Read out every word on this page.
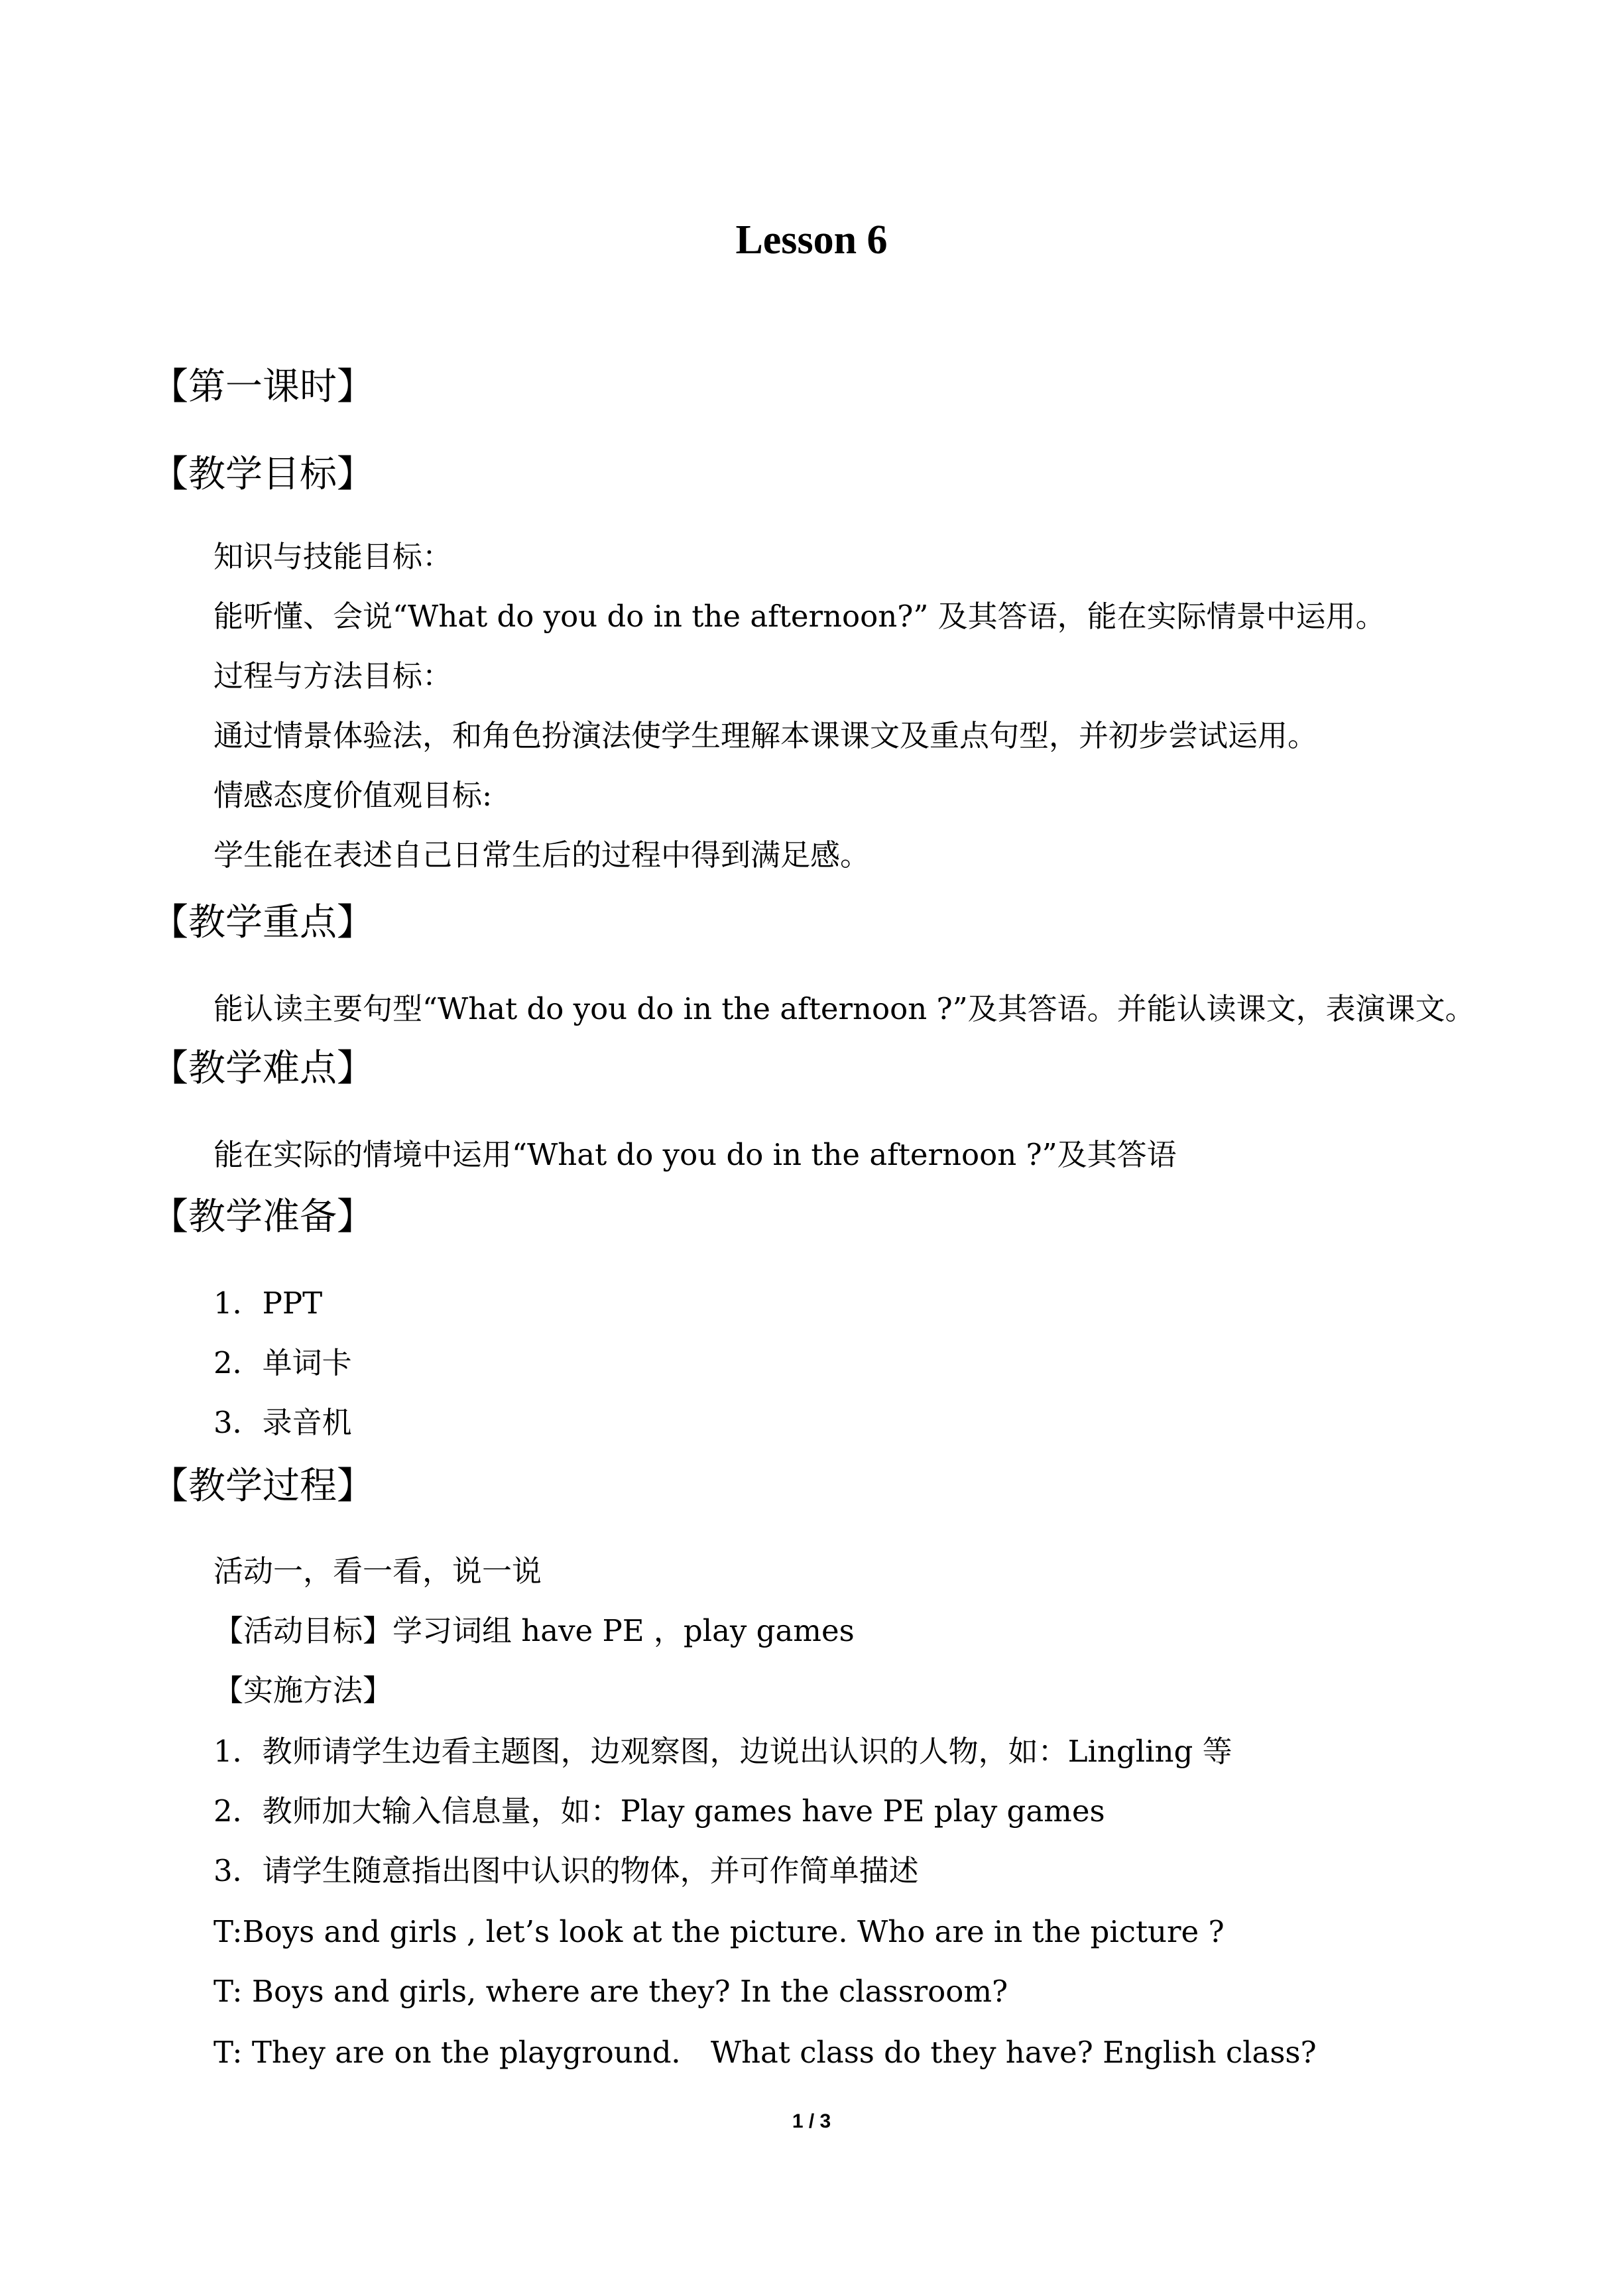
Lesson 6
【第一课时】
【教学目标】
知识与技能目标：
能听懂、会说“What do you do in the afternoon?” 及其答语，能在实际情景中运用。
过程与方法目标：
通过情景体验法，和角色扮演法使学生理解本课课文及重点句型，并初步尝试运用。
情感态度价值观目标:
学生能在表述自己日常生后的过程中得到满足感。
【教学重点】
能认读主要句型“What do you do in the afternoon ?”及其答语。并能认读课文，表演课文。
【教学难点】
能在实际的情境中运用“What do you do in the afternoon ?”及其答语
【教学准备】
1．PPT
2．单词卡
3．录音机
【教学过程】
活动一，看一看，说一说
【活动目标】学习词组 have PE ，play games
【实施方法】
1．教师请学生边看主题图，边观察图，边说出认识的人物，如：Lingling 等
2．教师加大输入信息量，如：Play games have PE play games
3．请学生随意指出图中认识的物体，并可作简单描述
T:Boys and girls , let’s look at the picture. Who are in the picture ?
T: Boys and girls, where are they? In the classroom?
T: They are on the playground． What class do they have? English class?
1 / 3
